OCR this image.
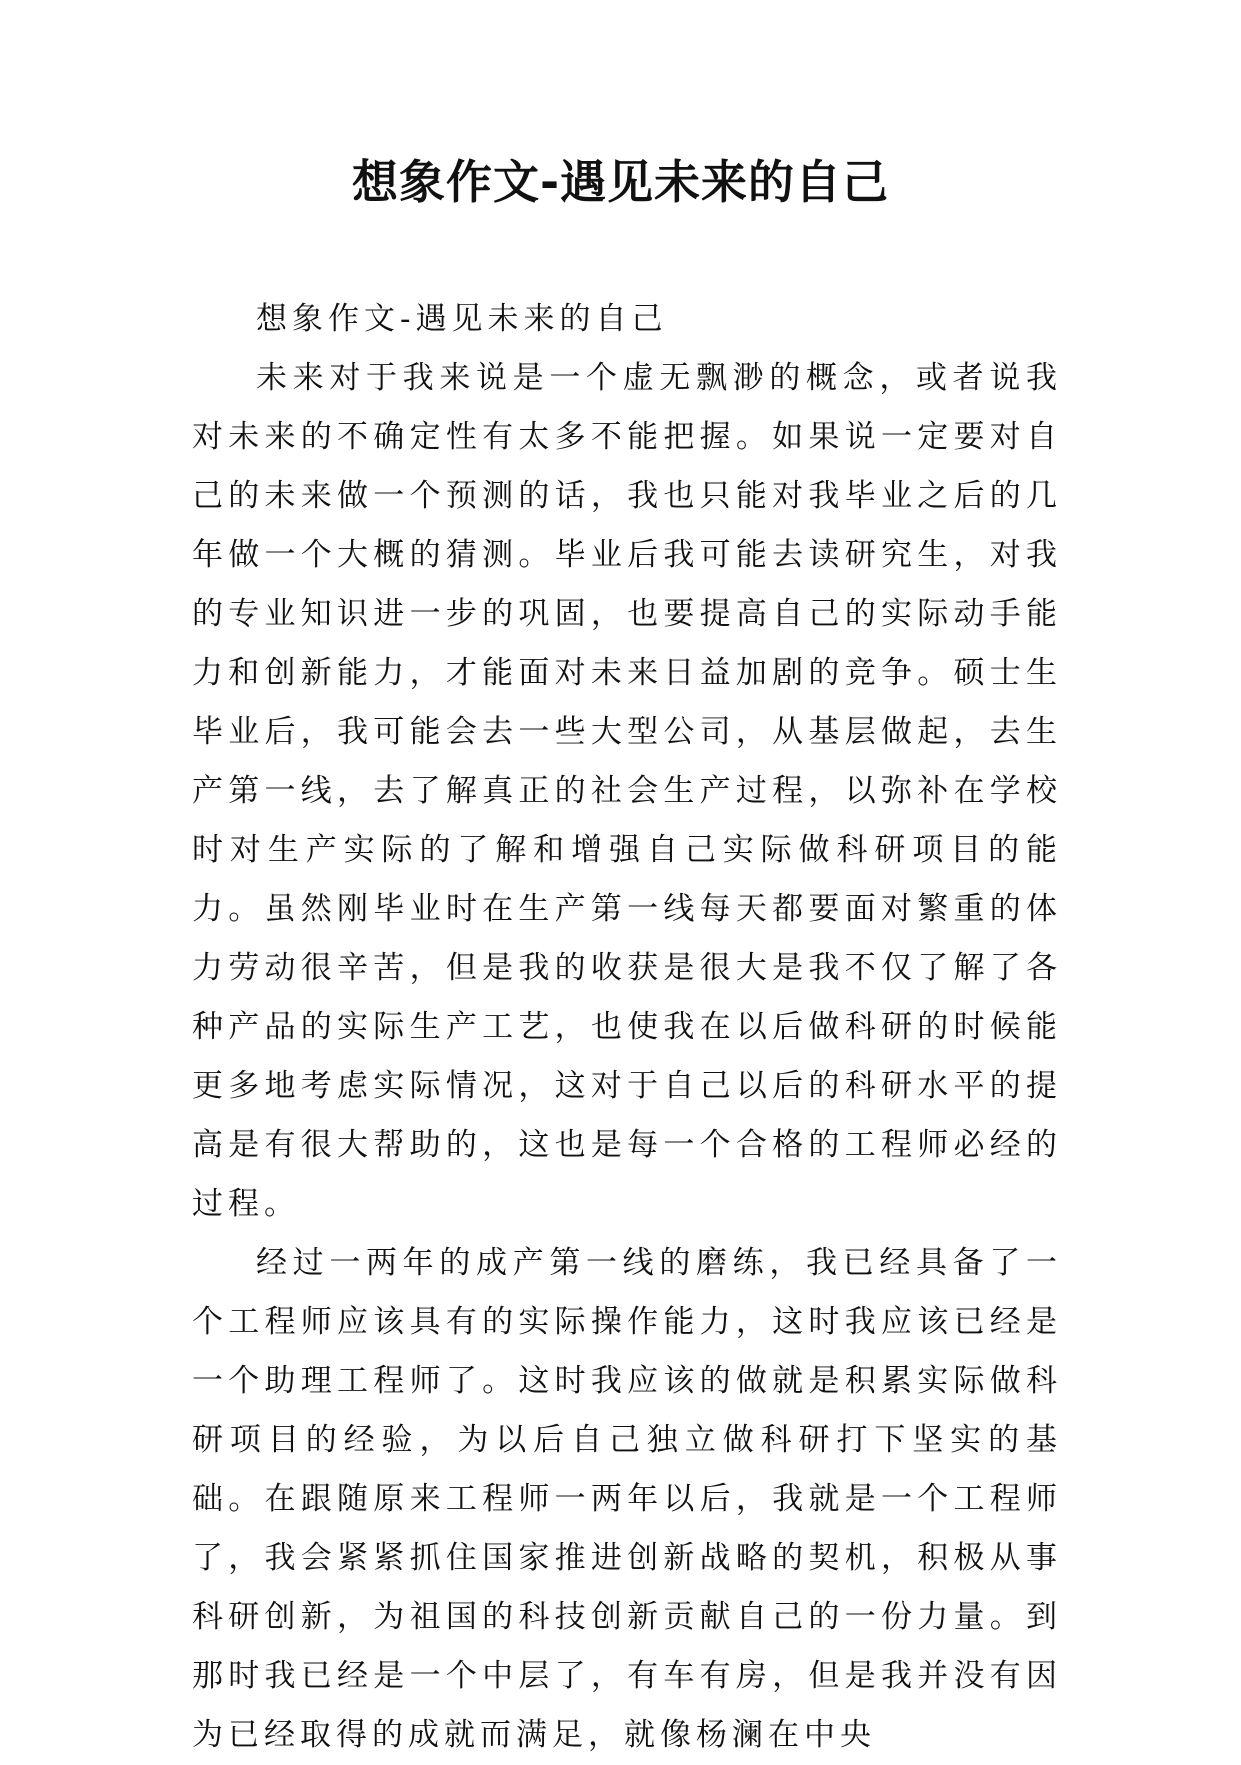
想象作文-遇见未来的自己

想象作文-遇见未来的自己

未来对于我来说是一个虚无飘渺的概念，或者说我对未来的不确定性有太多不能把握。如果说一定要对自己的未来做一个预测的话，我也只能对我毕业之后的几年做一个大概的猜测。毕业后我可能去读研究生，对我的专业知识进一步的巩固，也要提高自己的实际动手能力和创新能力，才能面对未来日益加剧的竞争。硕士生毕业后，我可能会去一些大型公司，从基层做起，去生产第一线，去了解真正的社会生产过程，以弥补在学校时对生产实际的了解和增强自己实际做科研项目的能力。虽然刚毕业时在生产第一线每天都要面对繁重的体力劳动很辛苦，但是我的收获是很大是我不仅了解了各种产品的实际生产工艺，也使我在以后做科研的时候能更多地考虑实际情况，这对于自己以后的科研水平的提高是有很大帮助的，这也是每一个合格的工程师必经的过程。

经过一两年的成产第一线的磨练，我已经具备了一个工程师应该具有的实际操作能力，这时我应该已经是一个助理工程师了。这时我应该的做就是积累实际做科研项目的经验，为以后自己独立做科研打下坚实的基础。在跟随原来工程师一两年以后，我就是一个工程师了，我会紧紧抓住国家推进创新战略的契机，积极从事科研创新，为祖国的科技创新贡献自己的一份力量。到那时我已经是一个中层了，有车有房，但是我并没有因为已经取得的成就而满足，就像杨澜在中央
